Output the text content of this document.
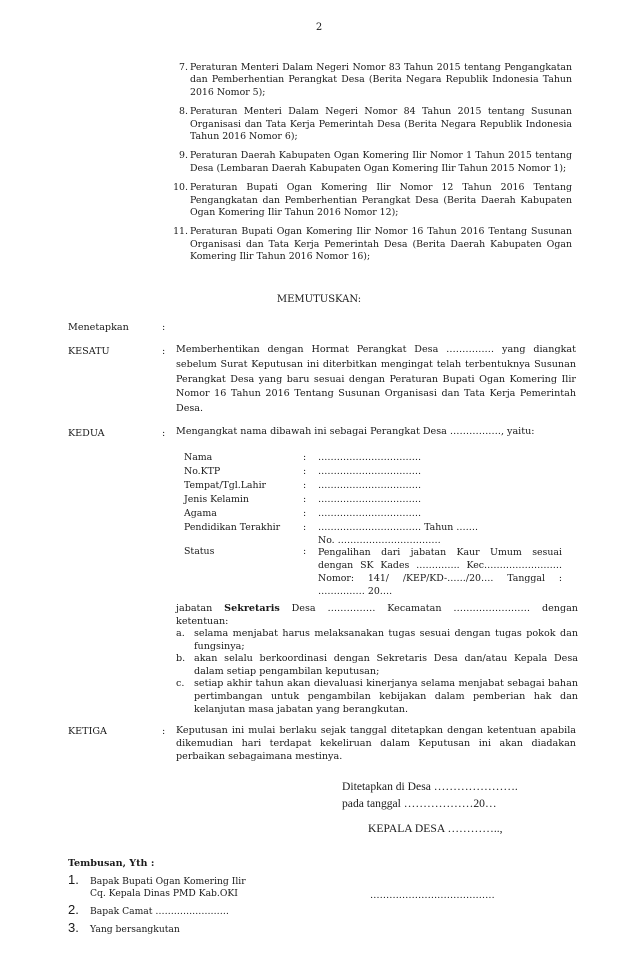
2
7. Peraturan Menteri Dalam Negeri Nomor 83 Tahun 2015 tentang Pengangkatan dan Pemberhentian Perangkat Desa (Berita Negara Republik Indonesia Tahun 2016 Nomor 5);
8. Peraturan Menteri Dalam Negeri Nomor 84 Tahun 2015 tentang Susunan Organisasi dan Tata Kerja Pemerintah Desa (Berita Negara Republik Indonesia Tahun 2016 Nomor 6);
9. Peraturan Daerah Kabupaten Ogan Komering Ilir Nomor 1 Tahun 2015 tentang Desa (Lembaran Daerah Kabupaten Ogan Komering Ilir Tahun 2015 Nomor 1);
10. Peraturan Bupati Ogan Komering Ilir Nomor 12 Tahun 2016 Tentang Pengangkatan dan Pemberhentian Perangkat Desa (Berita Daerah Kabupaten Ogan Komering Ilir Tahun 2016 Nomor 12);
11. Peraturan Bupati Ogan Komering Ilir Nomor 16 Tahun 2016 Tentang Susunan Organisasi dan Tata Kerja Pemerintah Desa (Berita Daerah Kabupaten Ogan Komering Ilir Tahun 2016 Nomor 16);
MEMUTUSKAN:
Menetapkan	:
KESATU	: Memberhentikan dengan Hormat Perangkat Desa …………… yang diangkat sebelum Surat Keputusan ini diterbitkan mengingat telah terbentuknya Susunan Perangkat Desa yang baru sesuai dengan Peraturan Bupati Ogan Komering Ilir Nomor 16 Tahun 2016 Tentang Susunan Organisasi dan Tata Kerja Pemerintah Desa.
KEDUA	: Mengangkat nama dibawah ini sebagai Perangkat Desa ……………., yaitu:
Nama	: ……………………………
No.KTP	: ……………………………
Tempat/Tgl.Lahir	: ……………………………
Jenis Kelamin	: ……………………………
Agama	: ……………………………
Pendidikan Terakhir : …………………………… Tahun …….
No. ……………………………
Status	: Pengalihan dari jabatan Kaur Umum sesuai dengan SK Kades ………….. Kec……………………. Nomor: 141/ /KEP/KD-……/20…. Tanggal : …………… 20….
jabatan Sekretaris Desa …………… Kecamatan …………………… dengan ketentuan:
a. selama menjabat harus melaksanakan tugas sesuai dengan tugas pokok dan fungsinya;
b. akan selalu berkoordinasi dengan Sekretaris Desa dan/atau Kepala Desa dalam setiap pengambilan keputusan;
c. setiap akhir tahun akan dievaluasi kinerjanya selama menjabat sebagai bahan pertimbangan untuk pengambilan kebijakan dalam pemberian hak dan kelanjutan masa jabatan yang berangkutan.
KETIGA	: Keputusan ini mulai berlaku sejak tanggal ditetapkan dengan ketentuan apabila dikemudian hari terdapat kekeliruan dalam Keputusan ini akan diadakan perbaikan sebagaimana mestinya.
Ditetapkan di Desa ………………….
pada tanggal ………………20…
KEPALA DESA …………..,
…………………………………
Tembusan, Yth :
1. Bapak Bupati Ogan Komering Ilir
Cq. Kepala Dinas PMD Kab.OKI
2. Bapak Camat ……………………
3. Yang bersangkutan
